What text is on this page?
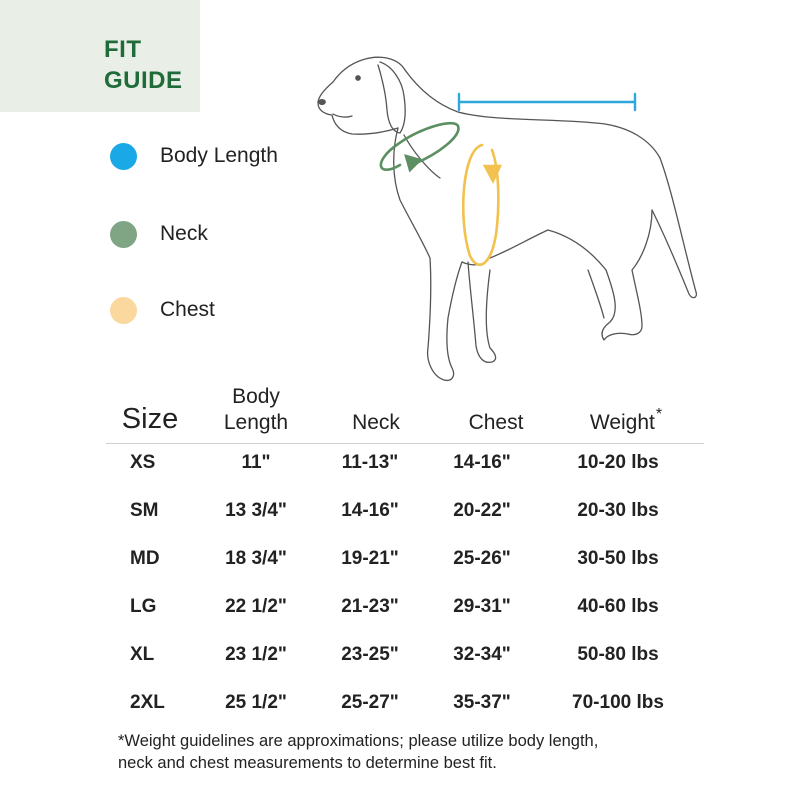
FIT
GUIDE
Body Length
Neck
Chest
Size
Body
Length	Neck	Chest	Weight*
XS	11"	11-13"	14-16"	10-20 lbs
SM	13 3/4"	14-16"	20-22"	20-30 lbs
MD	18 3/4"	19-21"	25-26"	30-50 lbs
LG	22 1/2"	21-23"	29-31"	40-60 lbs
XL	23 1/2"	23-25"	32-34"	50-80 lbs
2XL	25 1/2"	25-27"	35-37"	70-100 lbs
*Weight guidelines are approximations; please utilize body length,
neck and chest measurements to determine best fit.
